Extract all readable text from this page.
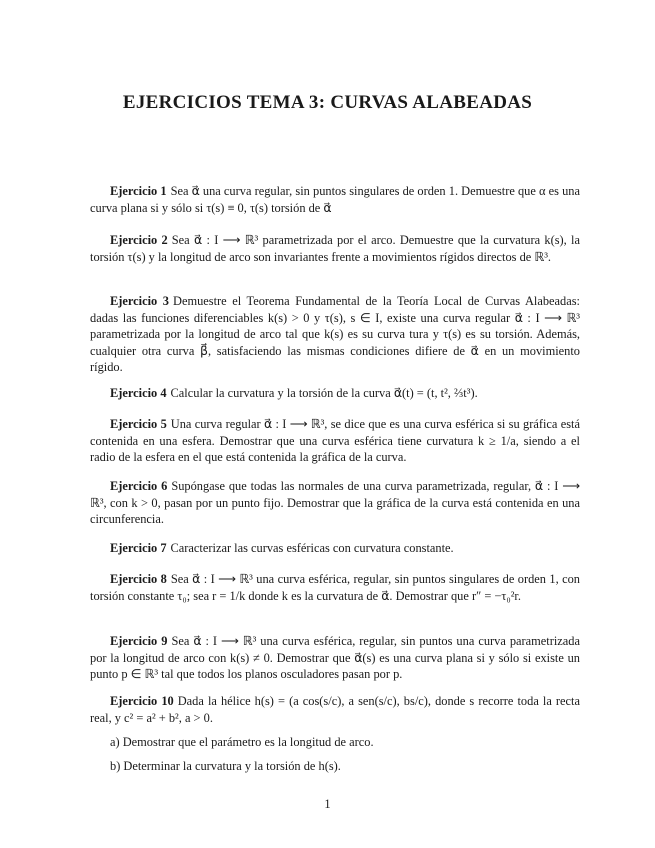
EJERCICIOS TEMA 3: CURVAS ALABEADAS

Ejercicio 1 Sea α⃗ una curva regular, sin puntos singulares de orden 1. Demuestre que α es una curva plana si y sólo si τ(s) ≡ 0, τ(s) torsión de α⃗

Ejercicio 2 Sea α⃗ : I ⟶ ℝ³ parametrizada por el arco. Demuestre que la curvatura k(s), la torsión τ(s) y la longitud de arco son invariantes frente a movimientos rígidos directos de ℝ³.

Ejercicio 3 Demuestre el Teorema Fundamental de la Teoría Local de Curvas Alabeadas: dadas las funciones diferenciables k(s) > 0 y τ(s), s ∈ I, existe una curva regular α⃗ : I ⟶ ℝ³ parametrizada por la longitud de arco tal que k(s) es su curva tura y τ(s) es su torsión. Además, cualquier otra curva β⃗, satisfaciendo las mismas condiciones difiere de α⃗ en un movimiento rígido.

Ejercicio 4 Calcular la curvatura y la torsión de la curva α⃗(t) = (t, t², ⅔t³).

Ejercicio 5 Una curva regular α⃗ : I ⟶ ℝ³, se dice que es una curva esférica si su gráfica está contenida en una esfera. Demostrar que una curva esférica tiene curvatura k ≥ 1/a, siendo a el radio de la esfera en el que está contenida la gráfica de la curva.

Ejercicio 6 Supóngase que todas las normales de una curva parametrizada, regular, α⃗ : I ⟶ ℝ³, con k > 0, pasan por un punto fijo. Demostrar que la gráfica de la curva está contenida en una circunferencia.

Ejercicio 7 Caracterizar las curvas esféricas con curvatura constante.

Ejercicio 8 Sea α⃗ : I ⟶ ℝ³ una curva esférica, regular, sin puntos singulares de orden 1, con torsión constante τ₀; sea r = 1/k donde k es la curvatura de α⃗. Demostrar que r″ = −τ₀²r.

Ejercicio 9 Sea α⃗ : I ⟶ ℝ³ una curva esférica, regular, sin puntos una curva parametrizada por la longitud de arco con k(s) ≠ 0. Demostrar que α⃗(s) es una curva plana si y sólo si existe un punto p ∈ ℝ³ tal que todos los planos osculadores pasan por p.

Ejercicio 10 Dada la hélice h(s) = (a cos(s/c), a sen(s/c), bs/c), donde s recorre toda la recta real, y c² = a² + b², a > 0.

a) Demostrar que el parámetro es la longitud de arco.

b) Determinar la curvatura y la torsión de h(s).

1
